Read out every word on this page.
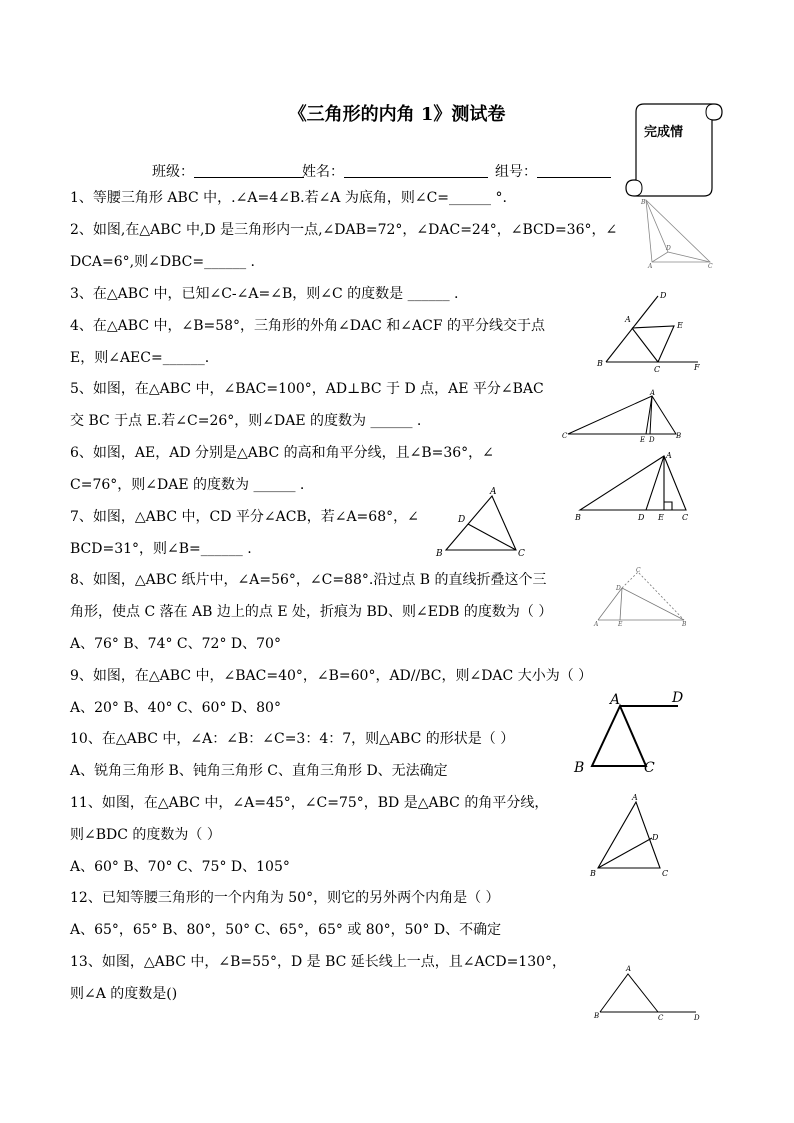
《三角形的内角 1》测试卷
完成情
班级：	姓名：	组号：
1、等腰三角形 ABC 中，.∠A=4∠B.若∠A 为底角，则∠C=______ °.
2、如图,在△ABC 中,D 是三角形内一点,∠DAB=72°，∠DAC=24°，∠BCD=36°，∠
DCA=6°,则∠DBC=______ .
3、在△ABC 中，已知∠C-∠A=∠B，则∠C 的度数是 ______ .
4、在△ABC 中，∠B=58°，三角形的外角∠DAC 和∠ACF 的平分线交于点
E，则∠AEC=______.
5、如图，在△ABC 中，∠BAC=100°，AD⊥BC 于 D 点，AE 平分∠BAC
交 BC 于点 E.若∠C=26°，则∠DAE 的度数为 ______ .
6、如图，AE，AD 分别是△ABC 的高和角平分线，且∠B=36°，∠
C=76°，则∠DAE 的度数为 ______ .
7、如图，△ABC 中，CD 平分∠ACB，若∠A=68°，∠
BCD=31°，则∠B=______ .
8、如图，△ABC 纸片中，∠A=56°，∠C=88°.沿过点 B 的直线折叠这个三
角形，使点 C 落在 AB 边上的点 E 处，折痕为 BD、则∠EDB 的度数为（ ）
A、76° B、74° C、72° D、70°
9、如图，在△ABC 中，∠BAC=40°，∠B=60°，AD//BC，则∠DAC 大小为（ ）
A、20° B、40° C、60° D、80°
10、在△ABC 中，∠A：∠B：∠C=3：4：7，则△ABC 的形状是（ ）
A、锐角三角形 B、钝角三角形 C、直角三角形 D、无法确定
11、如图，在△ABC 中，∠A=45°，∠C=75°，BD 是△ABC 的角平分线，
则∠BDC 的度数为（ ）
A、60° B、70° C、75° D、105°
12、已知等腰三角形的一个内角为 50°，则它的另外两个内角是（ ）
A、65°，65° B、80°，50° C、65°，65° 或 80°，50° D、不确定
13、如图，△ABC 中，∠B=55°，D 是 BC 延长线上一点，且∠ACD=130°，
则∠A 的度数是()
B
A	C
D
D
A
E
B
C	F
A
C	E D	B
A
B	D E C
A
D
B	C
C
D
A	E	B
A	D
B	C
A
D
B	C
A
B	C	D
